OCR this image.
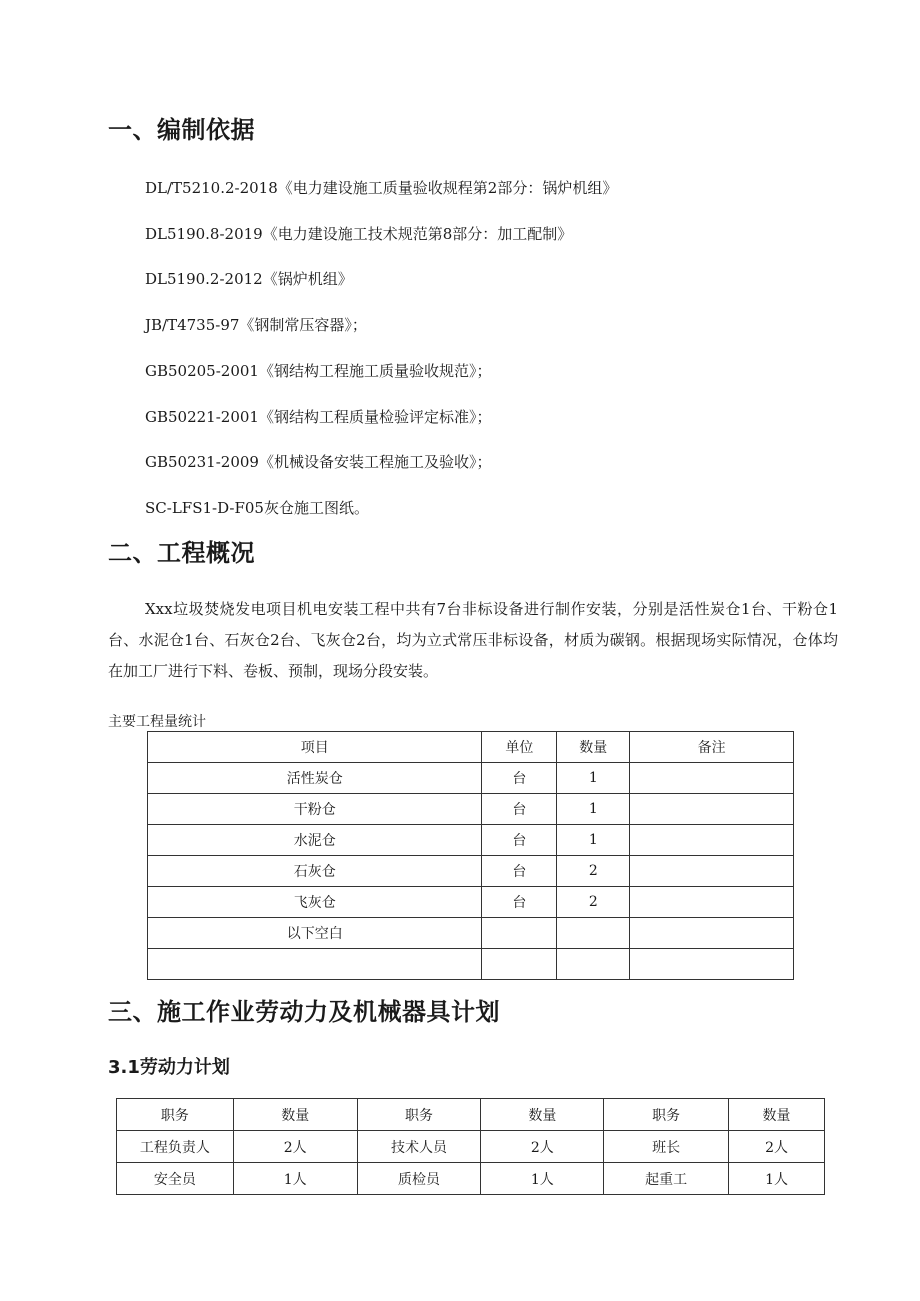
一、编制依据
DL/T5210.2-2018《电力建设施工质量验收规程第2部分：锅炉机组》
DL5190.8-2019《电力建设施工技术规范第8部分：加工配制》
DL5190.2-2012《锅炉机组》
JB/T4735-97《钢制常压容器》；
GB50205-2001《钢结构工程施工质量验收规范》；
GB50221-2001《钢结构工程质量检验评定标准》；
GB50231-2009《机械设备安装工程施工及验收》；
SC-LFS1-D-F05灰仓施工图纸。
二、工程概况
Xxx垃圾焚烧发电项目机电安装工程中共有7台非标设备进行制作安装，分别是活性炭仓1台、干粉仓1台、水泥仓1台、石灰仓2台、飞灰仓2台，均为立式常压非标设备，材质为碳钢。根据现场实际情况，仓体均在加工厂进行下料、卷板、预制，现场分段安装。
主要工程量统计
项目	单位	数量	备注
活性炭仓	台	1	
干粉仓	台	1	
水泥仓	台	1	
石灰仓	台	2	
飞灰仓	台	2	
以下空白			

三、施工作业劳动力及机械器具计划
3.1劳动力计划
职务	数量	职务	数量	职务	数量
工程负责人	2人	技术人员	2人	班长	2人
安全员	1人	质检员	1人	起重工	1人
